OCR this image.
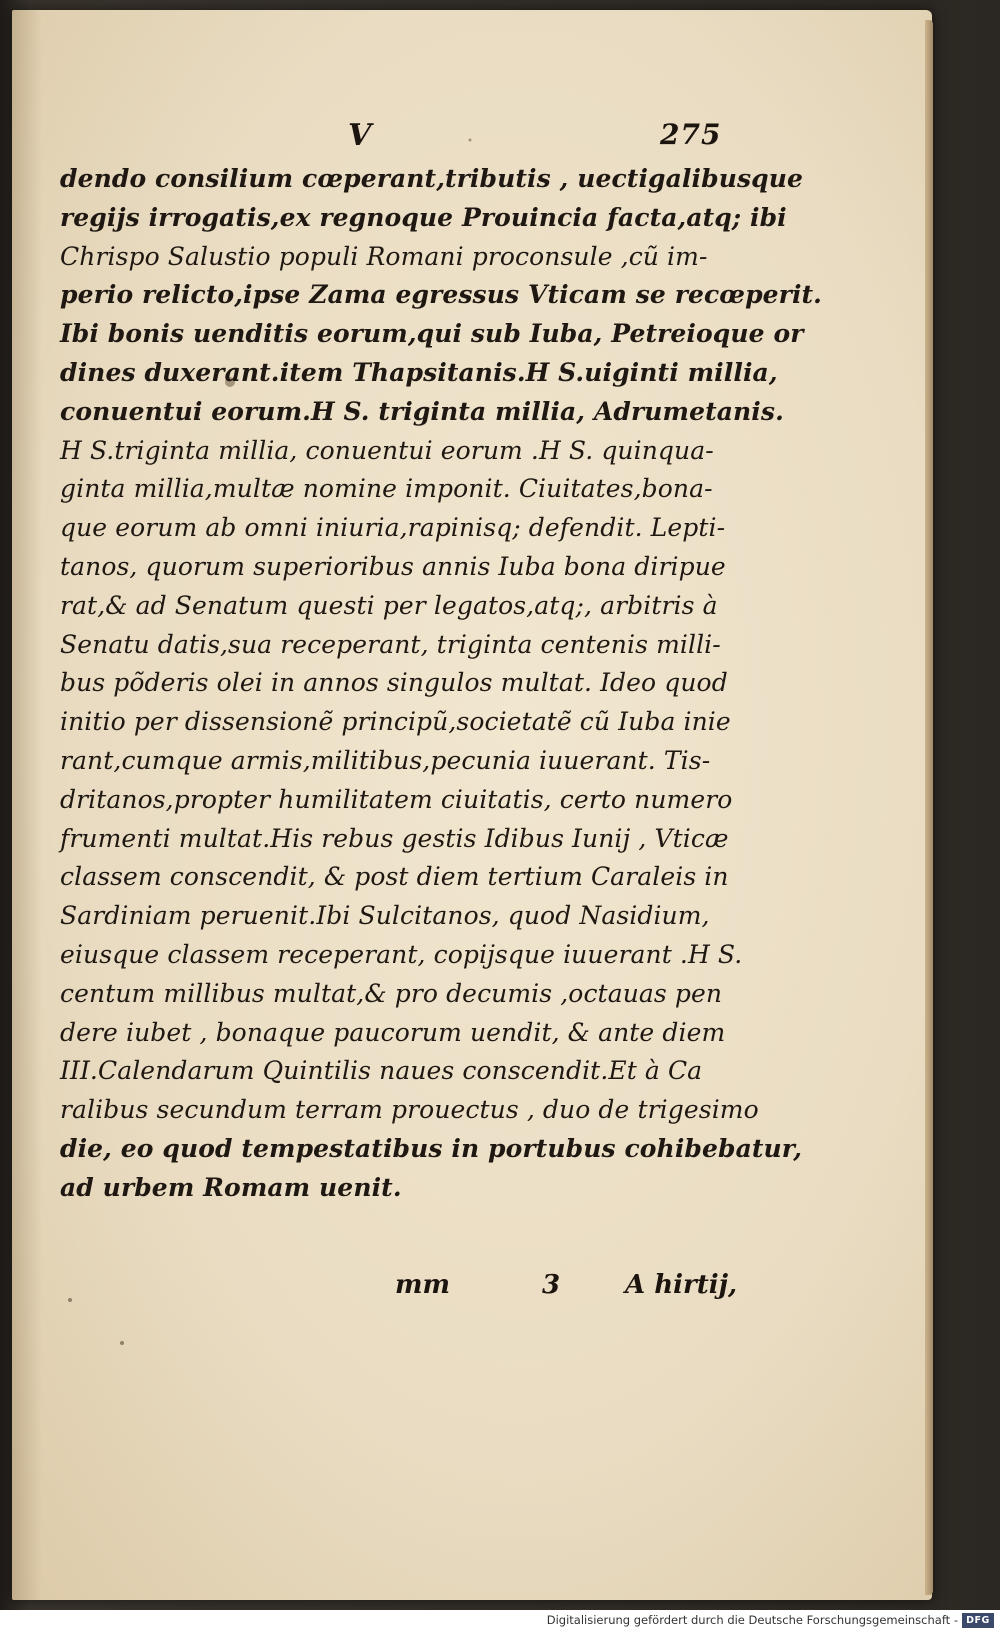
V	275
dendo consilium cœperant,tributis , uectigalibusque
regijs irrogatis,ex regnoque Prouincia facta,atq; ibi
Chrispo Salustio populi Romani proconsule ,cũ im-
perio relicto,ipse Zama egressus Vticam se recœperit.
Ibi bonis uenditis eorum,qui sub Iuba, Petreioque or
dines duxerant.item Thapsitanis.H S.uiginti millia,
conuentui eorum.H S. triginta millia, Adrumetanis.
H S.triginta millia, conuentui eorum .H S. quinqua-
ginta millia,multæ nomine imponit. Ciuitates,bona-
que eorum ab omni iniuria,rapinisq; defendit. Lepti-
tanos, quorum superioribus annis Iuba bona diripue
rat,& ad Senatum questi per legatos,atq;, arbitris à
Senatu datis,sua receperant, triginta centenis milli-
bus põderis olei in annos singulos multat. Ideo quod
initio per dissensionẽ principũ,societatẽ cũ Iuba inie
rant,cumque armis,militibus,pecunia iuuerant. Tis-
dritanos,propter humilitatem ciuitatis, certo numero
frumenti multat.His rebus gestis Idibus Iunij , Vticæ
classem conscendit, & post diem tertium Caraleis in
Sardiniam peruenit.Ibi Sulcitanos, quod Nasidium,
eiusque classem receperant, copijsque iuuerant .H S.
centum millibus multat,& pro decumis ,octauas pen
dere iubet , bonaque paucorum uendit, & ante diem
III.Calendarum Quintilis naues conscendit.Et à Ca
ralibus secundum terram prouectus , duo de trigesimo
die, eo quod tempestatibus in portubus cohibebatur,
ad urbem Romam uenit.
mm	3 A hirtij,
Digitalisierung gefördert durch die Deutsche Forschungsgemeinschaft - DFG
